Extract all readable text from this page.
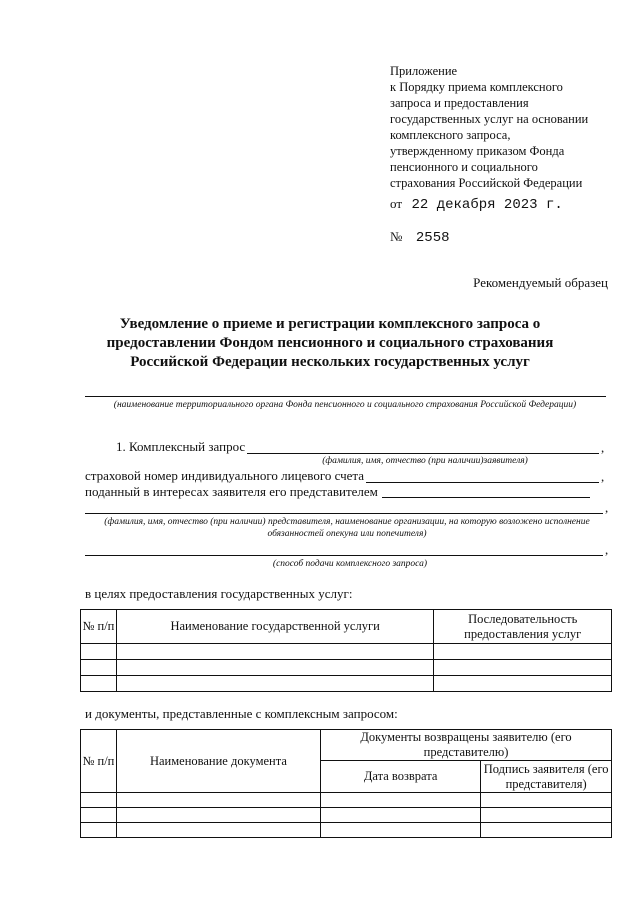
Приложение
к Порядку приема комплексного
запроса и предоставления
государственных услуг на основании
комплексного запроса,
утвержденному приказом Фонда
пенсионного и социального
страхования Российской Федерации
от 22 декабря 2023 г.
№ 2558
Рекомендуемый образец
Уведомление о приеме и регистрации комплексного запроса о предоставлении Фондом пенсионного и социального страхования Российской Федерации нескольких государственных услуг
(наименование территориального органа Фонда пенсионного и социального страхования Российской Федерации)
1. Комплексный запрос	,
(фамилия, имя, отчество (при наличии)заявителя)
страховой номер индивидуального лицевого счета	,
поданный в интересах заявителя его представителем
,
(фамилия, имя, отчество (при наличии) представителя, наименование организации, на которую возложено исполнение обязанностей опекуна или попечителя)
,
(способ подачи комплексного запроса)
в целях предоставления государственных услуг:
№ п/п	Наименование государственной услуги	Последовательность предоставления услуг

и документы, представленные с комплексным запросом:
№ п/п	Наименование документа	Документы возвращены заявителю (его представителю)	
		Дата возврата	Подпись заявителя (его представителя)
